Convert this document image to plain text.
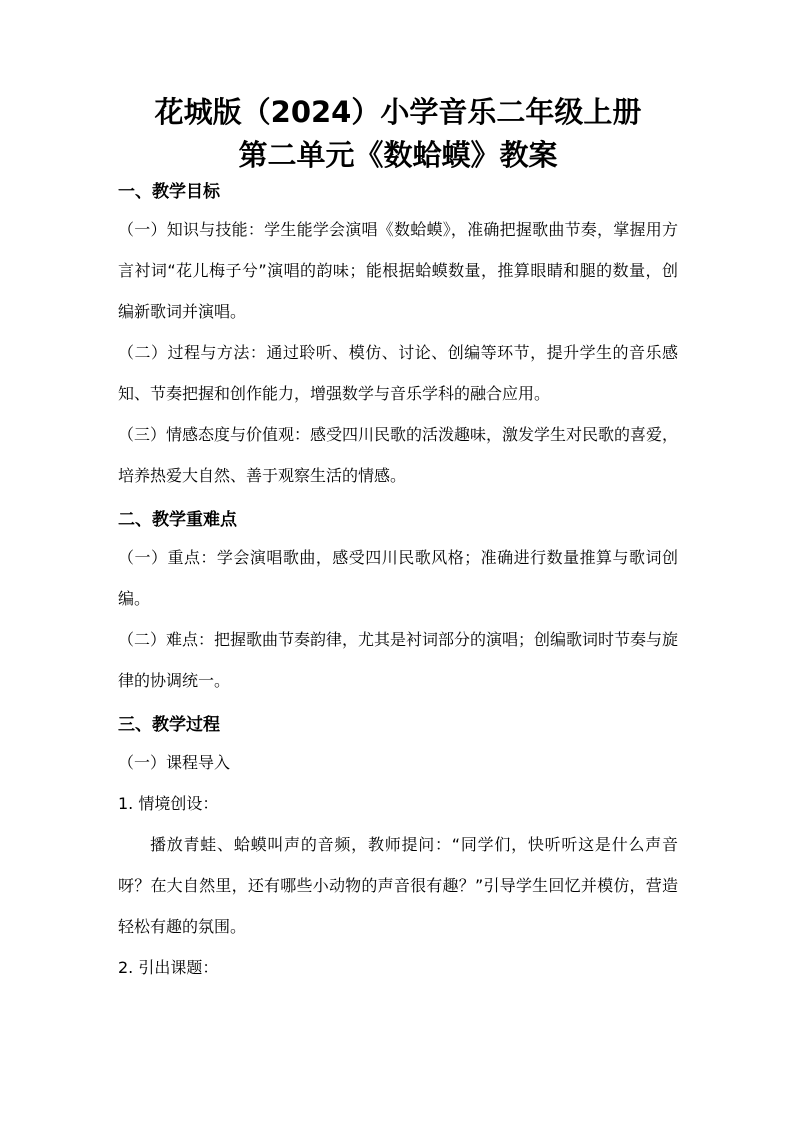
花城版（2024）小学音乐二年级上册
第二单元《数蛤蟆》教案
一、教学目标

（一）知识与技能：学生能学会演唱《数蛤蟆》，准确把握歌曲节奏，掌握用方言衬词“花儿梅子兮”演唱的韵味；能根据蛤蟆数量，推算眼睛和腿的数量，创编新歌词并演唱。

（二）过程与方法：通过聆听、模仿、讨论、创编等环节，提升学生的音乐感知、节奏把握和创作能力，增强数学与音乐学科的融合应用。

（三）情感态度与价值观：感受四川民歌的活泼趣味，激发学生对民歌的喜爱，培养热爱大自然、善于观察生活的情感。

二、教学重难点

（一）重点：学会演唱歌曲，感受四川民歌风格；准确进行数量推算与歌词创编。

（二）难点：把握歌曲节奏韵律，尤其是衬词部分的演唱；创编歌词时节奏与旋律的协调统一。

三、教学过程

（一）课程导入

1. 情境创设：

播放青蛙、蛤蟆叫声的音频，教师提问：“同学们，快听听这是什么声音呀？在大自然里，还有哪些小动物的声音很有趣？”引导学生回忆并模仿，营造轻松有趣的氛围。

2. 引出课题：
